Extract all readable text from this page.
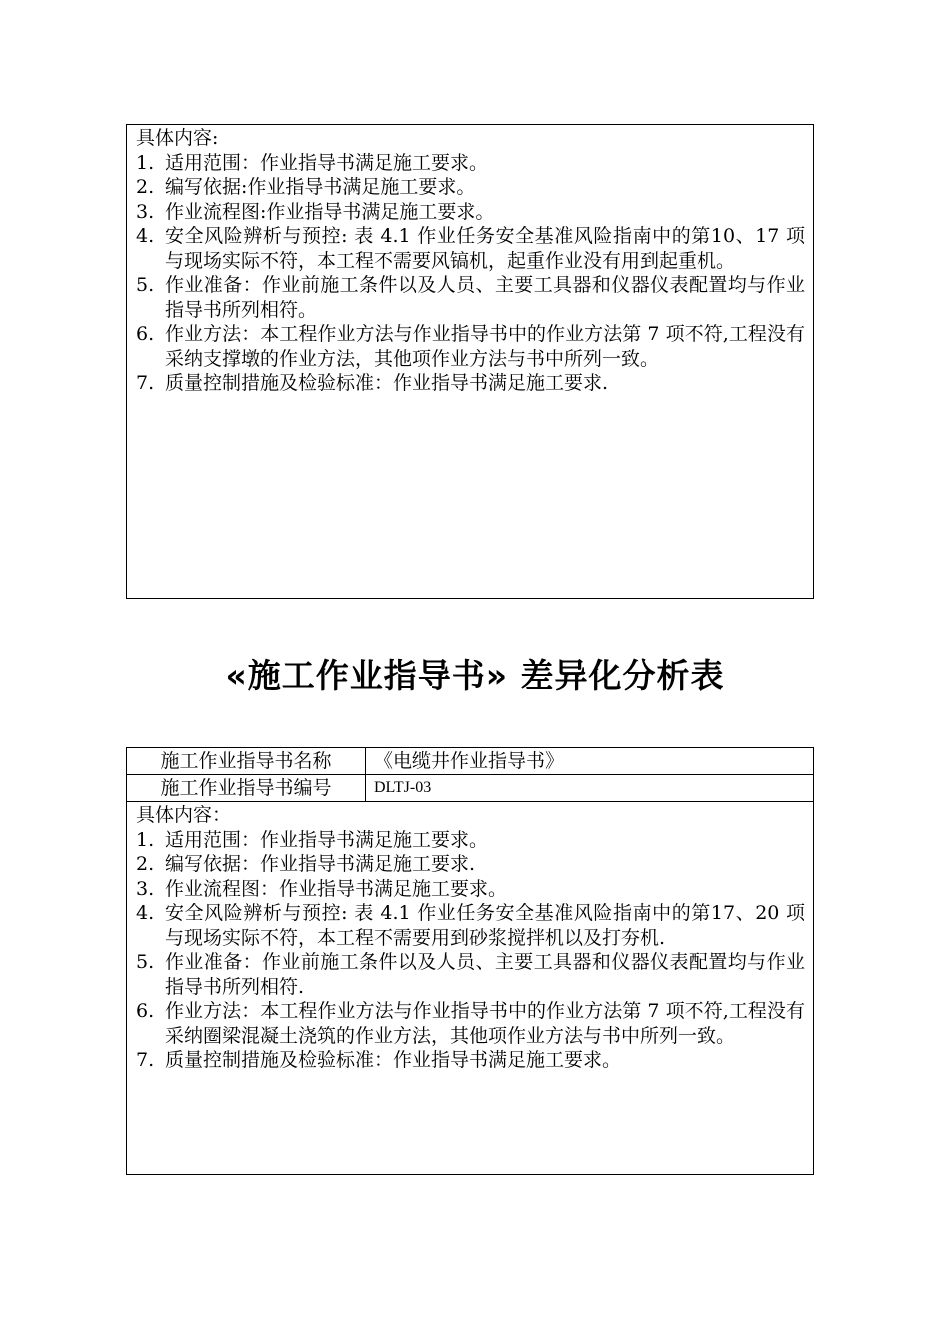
具体内容:

1. 适用范围：作业指导书满足施工要求。
2. 编写依据:作业指导书满足施工要求。
3. 作业流程图:作业指导书满足施工要求。
4. 安全风险辨析与预控: 表 4.1 作业任务安全基准风险指南中的第10、17 项与现场实际不符，本工程不需要风镐机，起重作业没有用到起重机。
5. 作业准备：作业前施工条件以及人员、主要工具器和仪器仪表配置均与作业指导书所列相符。
6. 作业方法：本工程作业方法与作业指导书中的作业方法第 7 项不符,工程没有采纳支撑墩的作业方法，其他项作业方法与书中所列一致。
7. 质量控制措施及检验标准：作业指导书满足施工要求.
«施工作业指导书» 差异化分析表
施工作业指导书名称	《电缆井作业指导书》
施工作业指导书编号	DLTJ-03

具体内容：

1. 适用范围：作业指导书满足施工要求。
2. 编写依据：作业指导书满足施工要求.
3. 作业流程图：作业指导书满足施工要求。
4. 安全风险辨析与预控: 表 4.1 作业任务安全基准风险指南中的第17、20 项与现场实际不符，本工程不需要用到砂浆搅拌机以及打夯机.
5. 作业准备：作业前施工条件以及人员、主要工具器和仪器仪表配置均与作业指导书所列相符.
6. 作业方法：本工程作业方法与作业指导书中的作业方法第 7 项不符,工程没有采纳圈梁混凝土浇筑的作业方法，其他项作业方法与书中所列一致。
7. 质量控制措施及检验标准：作业指导书满足施工要求。
